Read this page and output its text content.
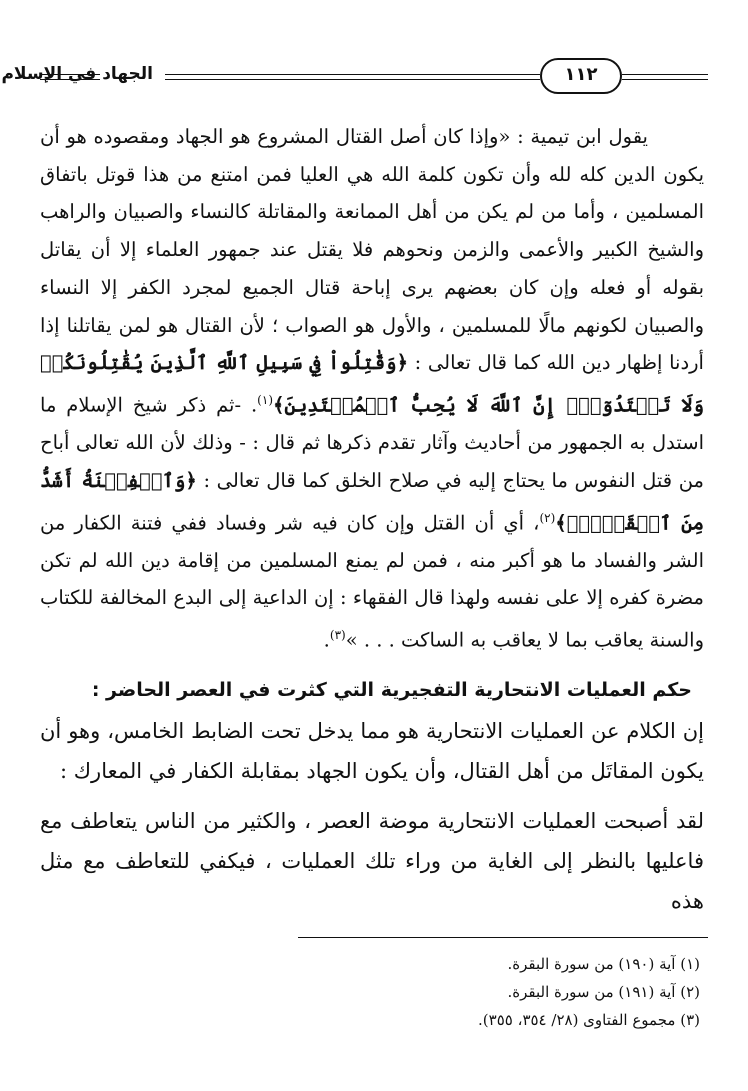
١١٢
الجهاد في الإسلام

يقول ابن تيمية : «وإذا كان أصل القتال المشروع هو الجهاد ومقصوده هو أن يكون الدين كله لله وأن تكون كلمة الله هي العليا فمن امتنع من هذا قوتل باتفاق المسلمين ، وأما من لم يكن من أهل الممانعة والمقاتلة كالنساء والصبيان والراهب والشيخ الكبير والأعمى والزمن ونحوهم فلا يقتل عند جمهور العلماء إلا أن يقاتل بقوله أو فعله وإن كان بعضهم يرى إباحة قتال الجميع لمجرد الكفر إلا النساء والصبيان لكونهم مالًا للمسلمين ، والأول هو الصواب ؛ لأن القتال هو لمن يقاتلنا إذا أردنا إظهار دين الله كما قال تعالى : ﴿وَقَٰتِلُواْ فِي سَبِيلِ ٱللَّهِ ٱلَّذِينَ يُقَٰتِلُونَكُمۡ وَلَا تَعۡتَدُوٓاْۚ إِنَّ ٱللَّهَ لَا يُحِبُّ ٱلۡمُعۡتَدِينَ﴾$^{(١)}$. -ثم ذكر شيخ الإسلام ما استدل به الجمهور من أحاديث وآثار تقدم ذكرها ثم قال : - وذلك لأن الله تعالى أباح من قتل النفوس ما يحتاج إليه في صلاح الخلق كما قال تعالى : ﴿وَٱلۡفِتۡنَةُ أَشَدُّ مِنَ ٱلۡقَتۡلِۚ﴾$^{(٢)}$، أي أن القتل وإن كان فيه شر وفساد ففي فتنة الكفار من الشر والفساد ما هو أكبر منه ، فمن لم يمنع المسلمين من إقامة دين الله لم تكن مضرة كفره إلا على نفسه ولهذا قال الفقهاء : إن الداعية إلى البدع المخالفة للكتاب والسنة يعاقب بما لا يعاقب به الساكت . . . »$^{(٣)}$.

حكم العمليات الانتحارية التفجيرية التي كثرت في العصر الحاضر :

إن الكلام عن العمليات الانتحارية هو مما يدخل تحت الضابط الخامس، وهو أن يكون المقاتَل من أهل القتال، وأن يكون الجهاد بمقابلة الكفار في المعارك :

لقد أصبحت العمليات الانتحارية موضة العصر ، والكثير من الناس يتعاطف مع فاعليها بالنظر إلى الغاية من وراء تلك العمليات ، فيكفي للتعاطف مع مثل هذه

(١) آية (١٩٠) من سورة البقرة.
(٢) آية (١٩١) من سورة البقرة.
(٣) مجموع الفتاوى (٢٨/ ٣٥٤، ٣٥٥).
